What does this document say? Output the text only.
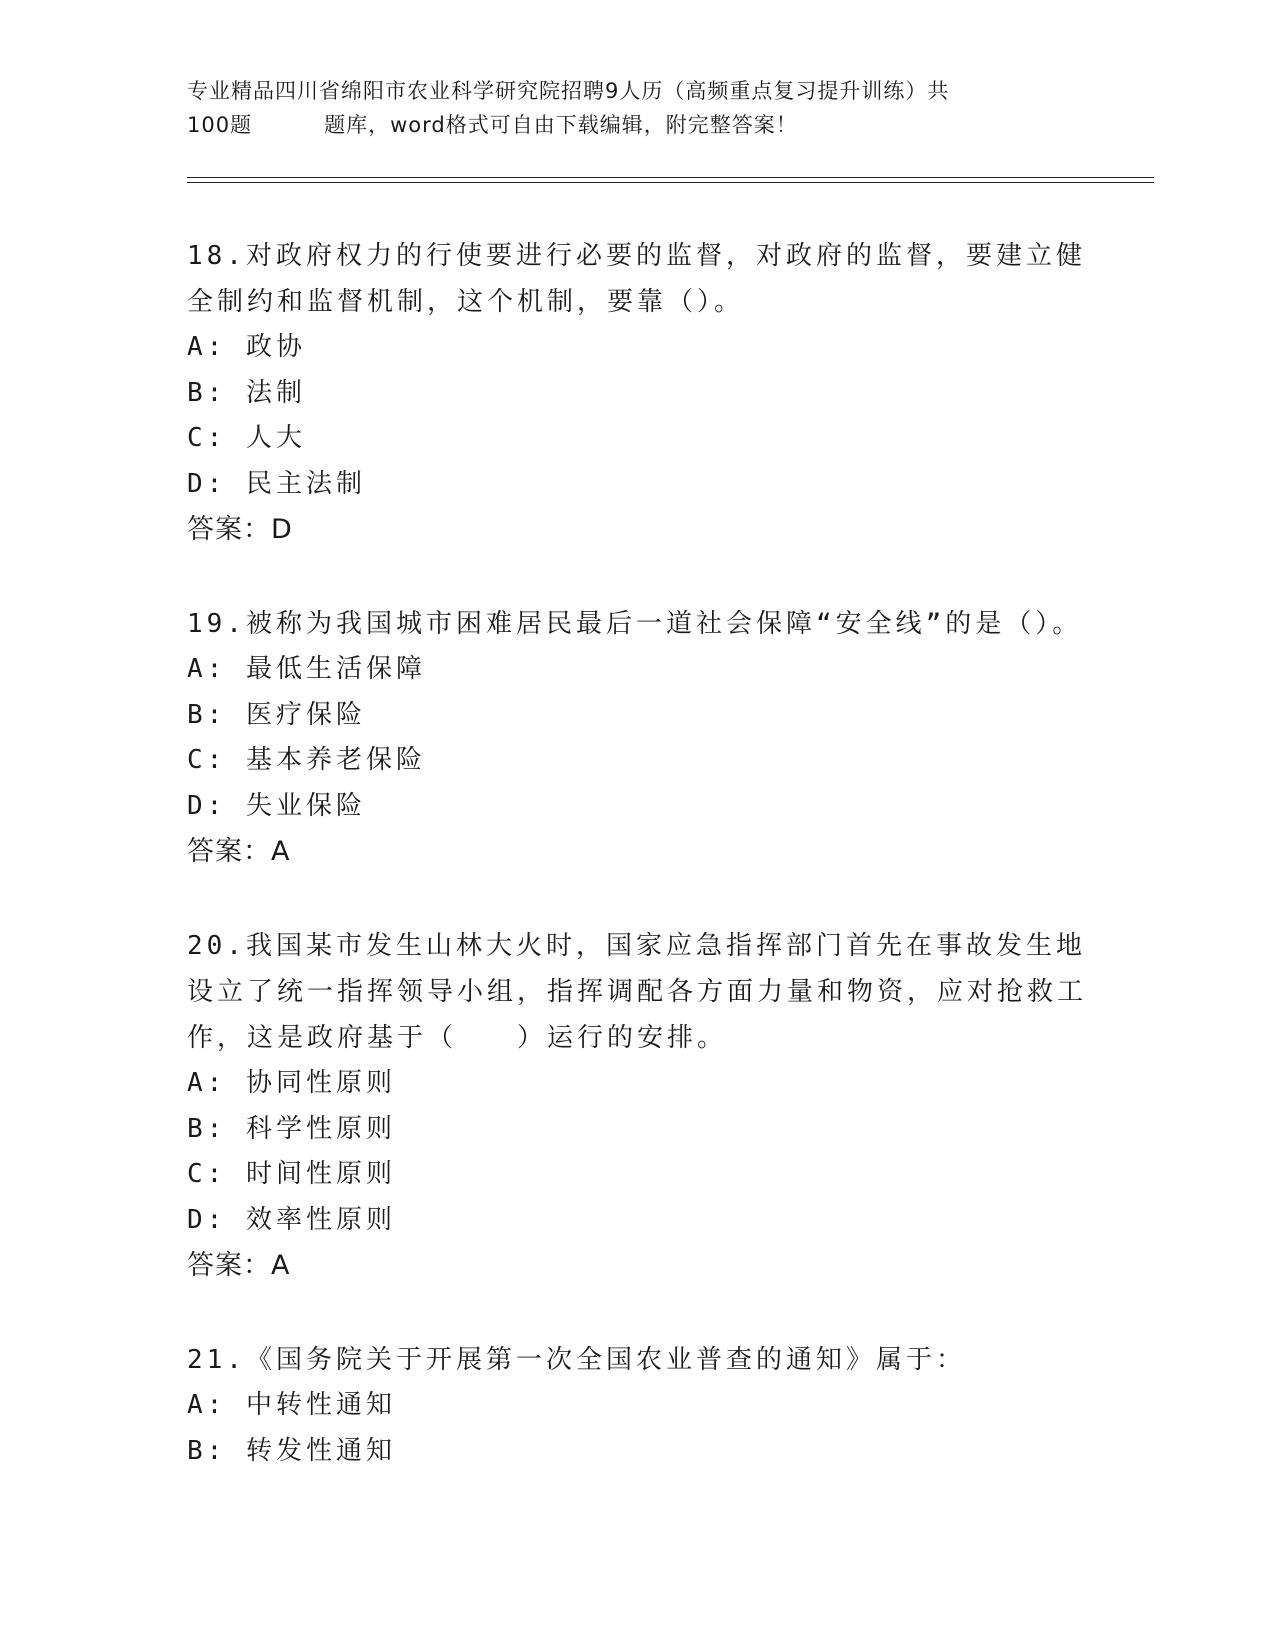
专业精品四川省绵阳市农业科学研究院招聘9人历（高频重点复习提升训练）共
100题	题库，word格式可自由下载编辑，附完整答案！

18.对政府权力的行使要进行必要的监督，对政府的监督，要建立健全制约和监督机制，这个机制，要靠（）。

A: 政协

B: 法制

C: 人大

D: 民主法制

答案：D

19.被称为我国城市困难居民最后一道社会保障“安全线”的是（）。

A: 最低生活保障

B: 医疗保险

C: 基本养老保险

D: 失业保险

答案：A

20.我国某市发生山林大火时，国家应急指挥部门首先在事故发生地设立了统一指挥领导小组，指挥调配各方面力量和物资，应对抢救工作，这是政府基于（　　）运行的安排。

A: 协同性原则

B: 科学性原则

C: 时间性原则

D: 效率性原则

答案：A

21.《国务院关于开展第一次全国农业普查的通知》属于：

A: 中转性通知

B: 转发性通知
